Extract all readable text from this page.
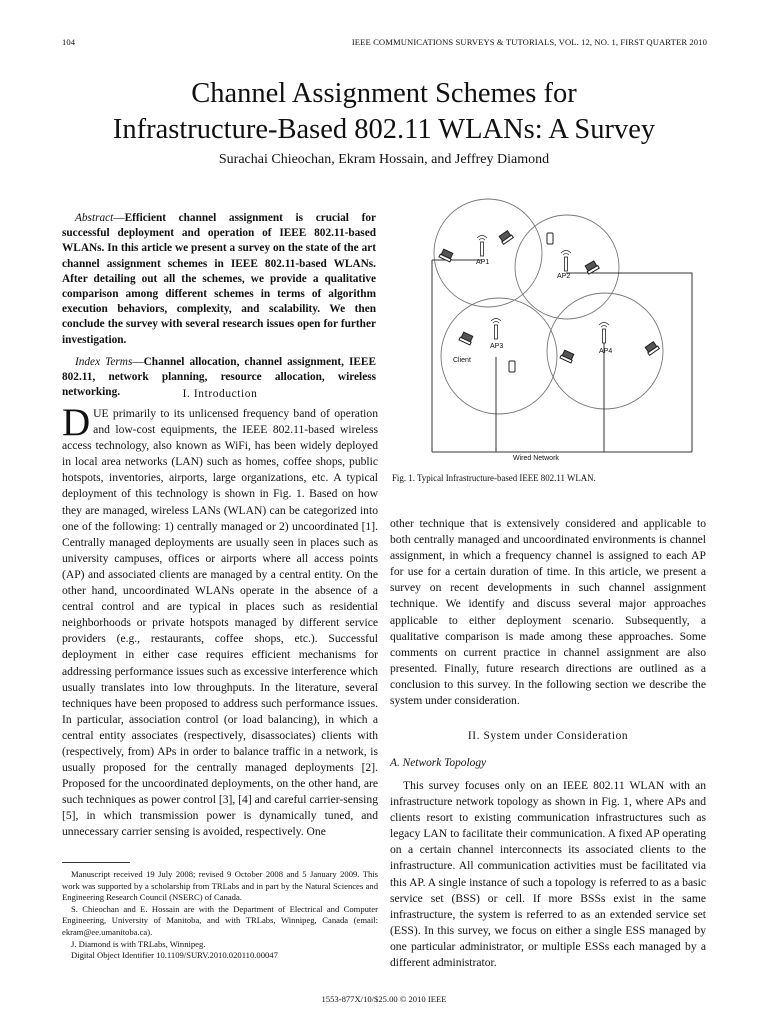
104	IEEE COMMUNICATIONS SURVEYS & TUTORIALS, VOL. 12, NO. 1, FIRST QUARTER 2010
Channel Assignment Schemes for
Infrastructure-Based 802.11 WLANs: A Survey
Surachai Chieochan, Ekram Hossain, and Jeffrey Diamond

Abstract—Efficient channel assignment is crucial for successful deployment and operation of IEEE 802.11-based WLANs. In this article we present a survey on the state of the art channel assignment schemes in IEEE 802.11-based WLANs. After detailing out all the schemes, we provide a qualitative comparison among different schemes in terms of algorithm execution behaviors, complexity, and scalability. We then conclude the survey with several research issues open for further investigation.

Index Terms—Channel allocation, channel assignment, IEEE 802.11, network planning, resource allocation, wireless networking.	I. Introduction

DUE primarily to its unlicensed frequency band of operation and low-cost equipments, the IEEE 802.11-based wireless access technology, also known as WiFi, has been widely deployed in local area networks (LAN) such as homes, coffee shops, public hotspots, inventories, airports, large organizations, etc. A typical deployment of this technology is shown in Fig. 1. Based on how they are managed, wireless LANs (WLAN) can be categorized into one of the following: 1) centrally managed or 2) uncoordinated [1]. Centrally managed deployments are usually seen in places such as university campuses, offices or airports where all access points (AP) and associated clients are managed by a central entity. On the other hand, uncoordinated WLANs operate in the absence of a central control and are typical in places such as residential neighborhoods or private hotspots managed by different service providers (e.g., restaurants, coffee shops, etc.). Successful deployment in either case requires efficient mechanisms for addressing performance issues such as excessive interference which usually translates into low throughputs. In the literature, several techniques have been proposed to address such performance issues. In particular, association control (or load balancing), in which a central entity associates (respectively, disassociates) clients with (respectively, from) APs in order to balance traffic in a network, is usually proposed for the centrally managed deployments [2]. Proposed for the uncoordinated deployments, on the other hand, are such techniques as power control [3], [4] and careful carrier-sensing [5], in which transmission power is dynamically tuned, and unnecessary carrier sensing is avoided, respectively. One

Manuscript received 19 July 2008; revised 9 October 2008 and 5 January 2009. This work was supported by a scholarship from TRLabs and in part by the Natural Sciences and Engineering Research Council (NSERC) of Canada.

S. Chieochan and E. Hossain are with the Department of Electrical and Computer Engineering, University of Manitoba, and with TRLabs, Winnipeg, Canada (email: ekram@ee.umanitoba.ca).

J. Diamond is with TRLabs, Winnipeg.

Digital Object Identifier 10.1109/SURV.2010.020110.00047

AP1
AP2
AP3
AP4
Client
Wired Network
Fig. 1. Typical Infrastructure-based IEEE 802.11 WLAN.

other technique that is extensively considered and applicable to both centrally managed and uncoordinated environments is channel assignment, in which a frequency channel is assigned to each AP for use for a certain duration of time. In this article, we present a survey on recent developments in such channel assignment technique. We identify and discuss several major approaches applicable to either deployment scenario. Subsequently, a qualitative comparison is made among these approaches. Some comments on current practice in channel assignment are also presented. Finally, future research directions are outlined as a conclusion to this survey. In the following section we describe the system under consideration.

II. System under Consideration
A. Network Topology

This survey focuses only on an IEEE 802.11 WLAN with an infrastructure network topology as shown in Fig. 1, where APs and clients resort to existing communication infrastructures such as legacy LAN to facilitate their communication. A fixed AP operating on a certain channel interconnects its associated clients to the infrastructure. All communication activities must be facilitated via this AP. A single instance of such a topology is referred to as a basic service set (BSS) or cell. If more BSSs exist in the same infrastructure, the system is referred to as an extended service set (ESS). In this survey, we focus on either a single ESS managed by one particular administrator, or multiple ESSs each managed by a different administrator.

1553-877X/10/$25.00 © 2010 IEEE
